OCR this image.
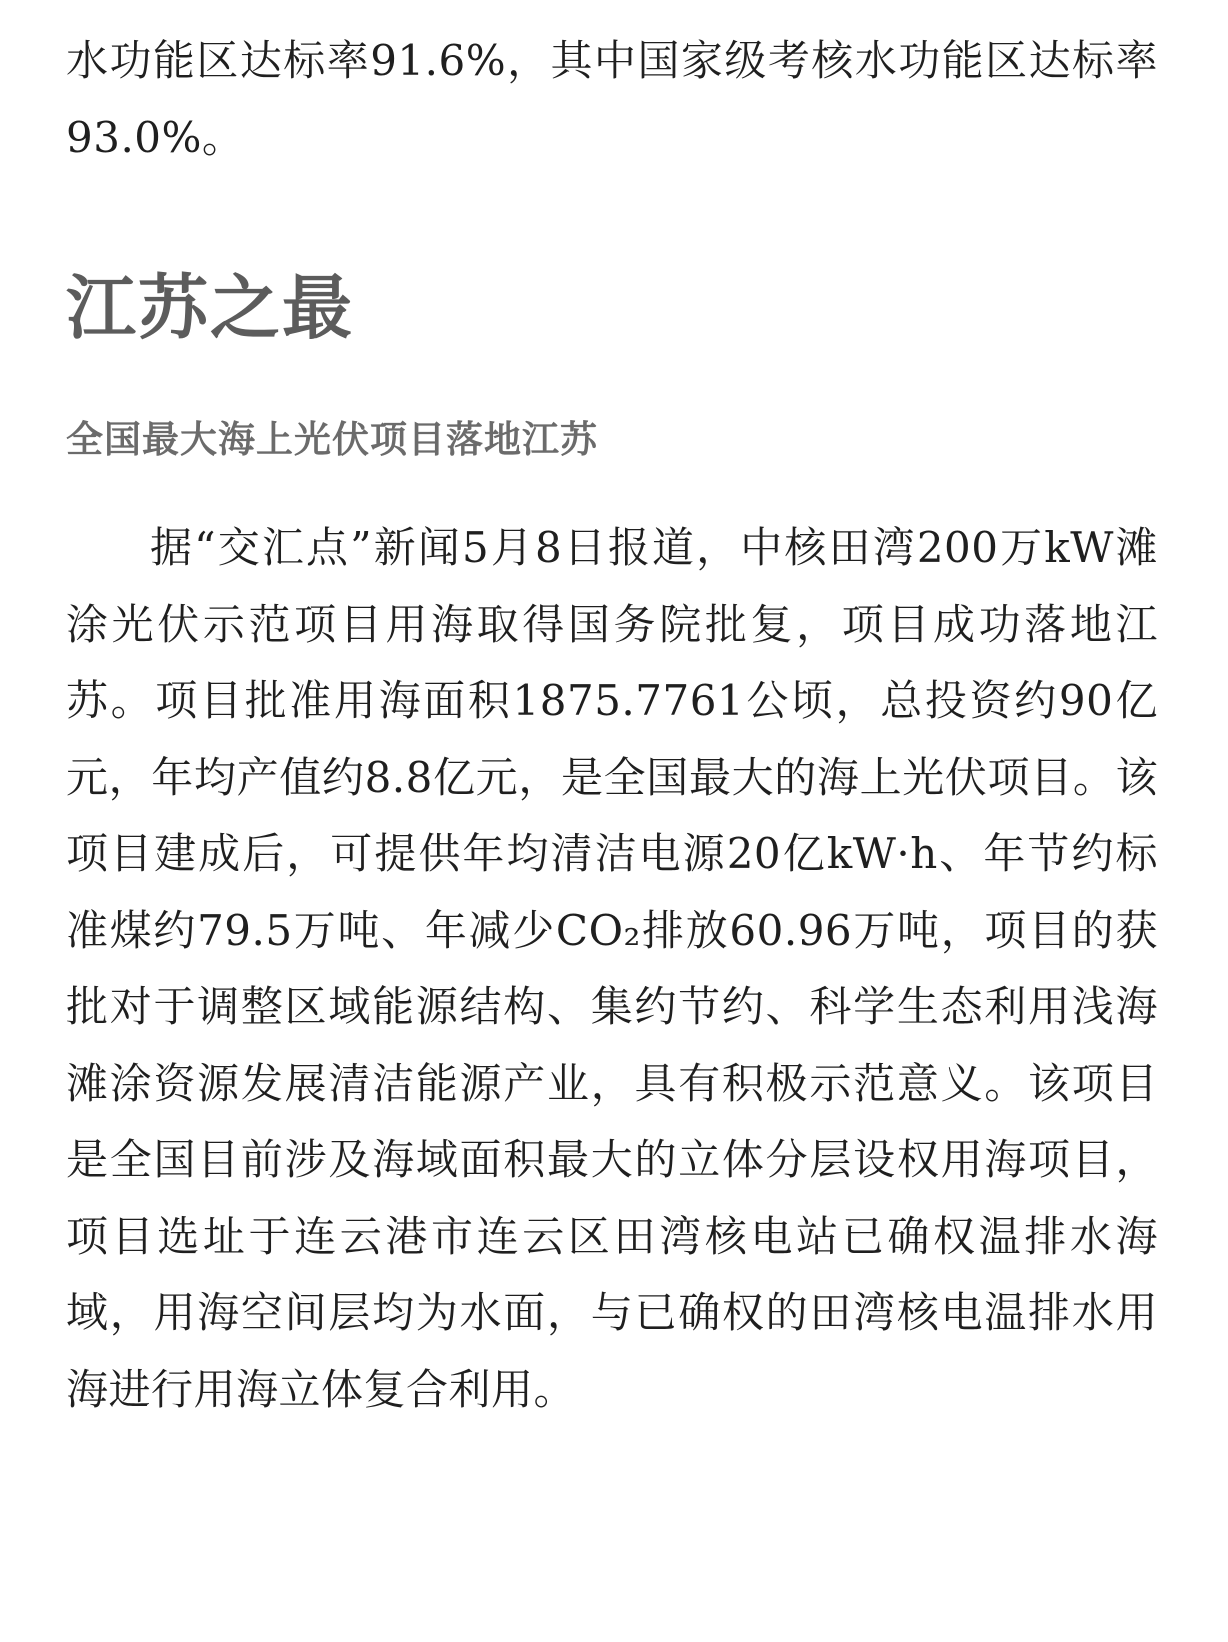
水功能区达标率91.6%，其中国家级考核水功能区达标率93.0%。

江苏之最
全国最大海上光伏项目落地江苏

据“交汇点”新闻5月8日报道，中核田湾200万kW滩涂光伏示范项目用海取得国务院批复，项目成功落地江苏。项目批准用海面积1875.7761公顷，总投资约90亿元，年均产值约8.8亿元，是全国最大的海上光伏项目。该项目建成后，可提供年均清洁电源20亿kW·h、年节约标准煤约79.5万吨、年减少CO₂排放60.96万吨，项目的获批对于调整区域能源结构、集约节约、科学生态利用浅海滩涂资源发展清洁能源产业，具有积极示范意义。该项目是全国目前涉及海域面积最大的立体分层设权用海项目，项目选址于连云港市连云区田湾核电站已确权温排水海域，用海空间层均为水面，与已确权的田湾核电温排水用海进行用海立体复合利用。
